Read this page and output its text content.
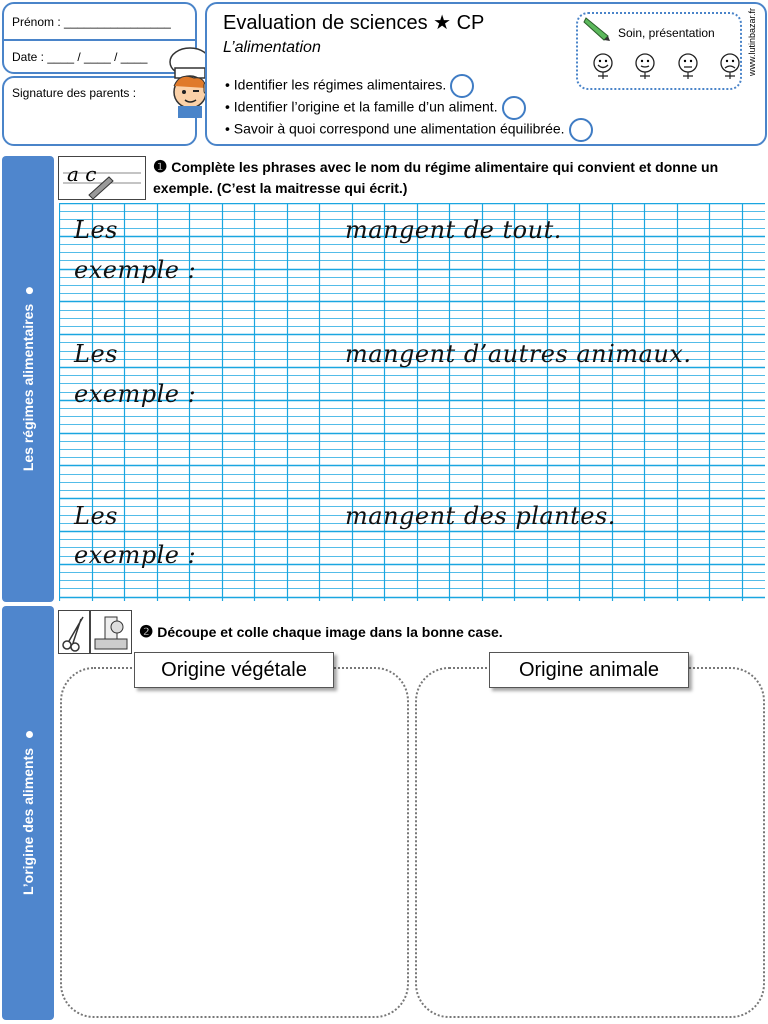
Prénom : ________________
Date : ____ / ____ / ____
Signature des parents :
Evaluation de sciences ★ CP
L’alimentation
• Identifier les régimes alimentaires.
• Identifier l’origine et la famille d’un aliment.
• Savoir à quoi correspond une alimentation équilibrée.
Soin, présentation
	www.lutinbazar.fr
Les régimes alimentaires
a c	❶ Complète les phrases avec le nom du régime alimentaire qui convient et donne un exemple. (C’est la maitresse qui écrit.)
Les	mangent de tout.
exemple :
Les	mangent d’autres animaux.
exemple :
Les	mangent des plantes.
exemple :
L’origine des aliments
❷ Découpe et colle chaque image dans la bonne case.
Origine végétale	Origine animale
